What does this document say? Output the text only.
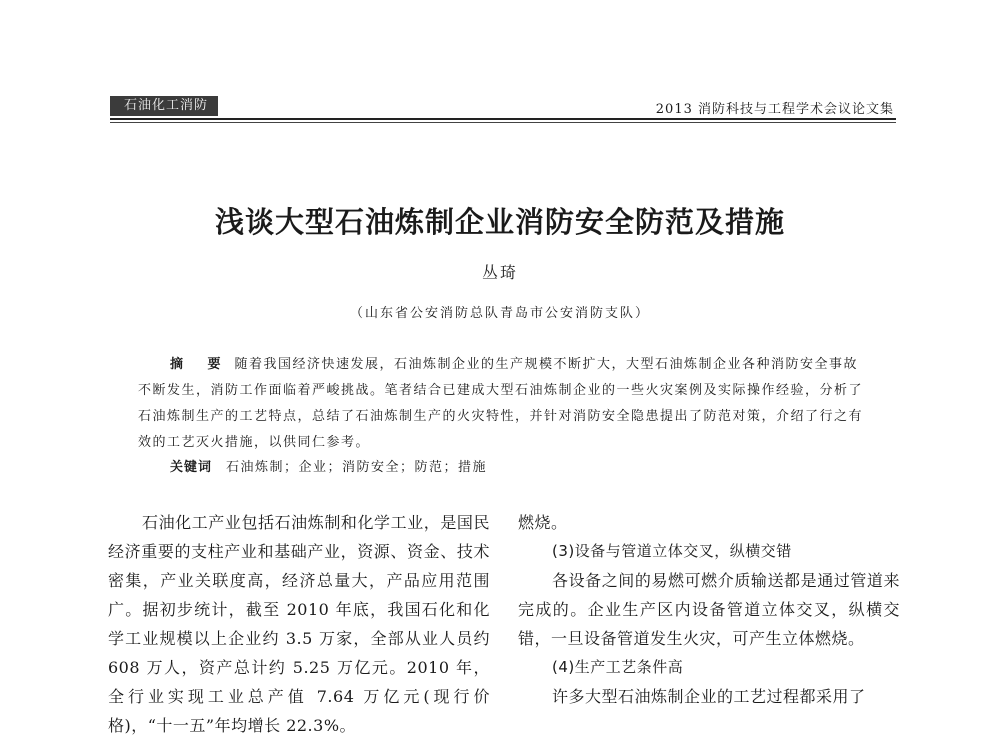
石油化工消防	2013 消防科技与工程学术会议论文集
浅谈大型石油炼制企业消防安全防范及措施
丛琦
（山东省公安消防总队青岛市公安消防支队）
摘 要 随着我国经济快速发展，石油炼制企业的生产规模不断扩大，大型石油炼制企业各种消防安全事故不断发生，消防工作面临着严峻挑战。笔者结合已建成大型石油炼制企业的一些火灾案例及实际操作经验，分析了石油炼制生产的工艺特点，总结了石油炼制生产的火灾特性，并针对消防安全隐患提出了防范对策，介绍了行之有效的工艺灭火措施，以供同仁参考。
关键词 石油炼制；企业；消防安全；防范；措施

石油化工产业包括石油炼制和化学工业，是国民经济重要的支柱产业和基础产业，资源、资金、技术密集，产业关联度高，经济总量大，产品应用范围广。据初步统计，截至 2010 年底，我国石化和化学工业规模以上企业约 3.5 万家，全部从业人员约 608 万人，资产总计约 5.25 万亿元。2010 年，全行业实现工业总产值 7.64 万亿元(现行价格)，“十一五”年均增长 22.3%。

燃烧。

(3)设备与管道立体交叉，纵横交错

各设备之间的易燃可燃介质输送都是通过管道来完成的。企业生产区内设备管道立体交叉，纵横交错，一旦设备管道发生火灾，可产生立体燃烧。

(4)生产工艺条件高

许多大型石油炼制企业的工艺过程都采用了
